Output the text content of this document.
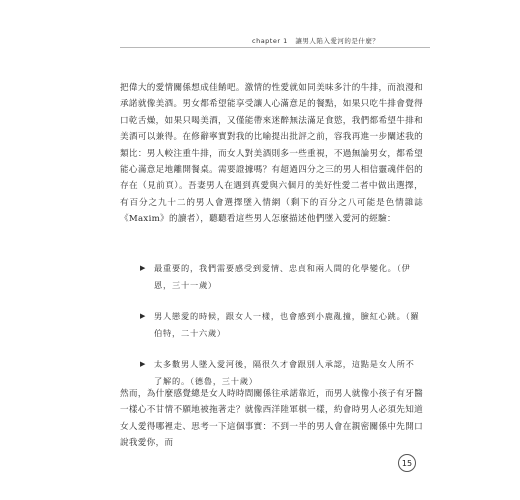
chapter 1 讓男人陷入愛河的是什麼？

把偉大的愛情關係想成佳餚吧。激情的性愛就如同美味多汁的牛排，而浪漫和承諾就像美酒。男女都希望能享受讓人心滿意足的餐點，如果只吃牛排會覺得口乾舌燥，如果只喝美酒，又僅能帶來迷醉無法滿足食慾，我們都希望牛排和美酒可以兼得。在修辭寧實對我的比喻提出批評之前，容我再進一步闡述我的類比：男人較注重牛排，而女人對美酒則多一些重視，不過無論男女，都希望能心滿意足地離開餐桌。需要證據嗎？有超過四分之三的男人相信靈魂伴侶的存在（見前頁）。吾妻男人在遇到真愛與六個月的美好性愛二者中做出選擇，有百分之九十二的男人會選擇墜入情網（剩下的百分之八可能是色情雜誌《Maxim》的讀者），聽聽看這些男人怎麼描述他們墜入愛河的經驗：

▶ 最重要的，我們需要感受到愛情、忠貞和兩人間的化學變化。（伊恩，三十一歲）
▶ 男人戀愛的時候，跟女人一樣，也會感到小鹿亂撞，臉紅心跳。（羅伯特，二十六歲）
▶ 太多數男人墜入愛河後，隔很久才會跟別人承認，這點是女人所不了解的。（德魯，三十歲）

然而，為什麼感覺總是女人時時間關係往承諾靠近，而男人就像小孩子有牙醫一樣心不甘情不願地被拖著走？就像西洋陸軍棋一樣，約會時男人必須先知道女人愛得哪裡走、思考一下這個事實：不到一半的男人會在親密關係中先開口說我愛你，而

15
